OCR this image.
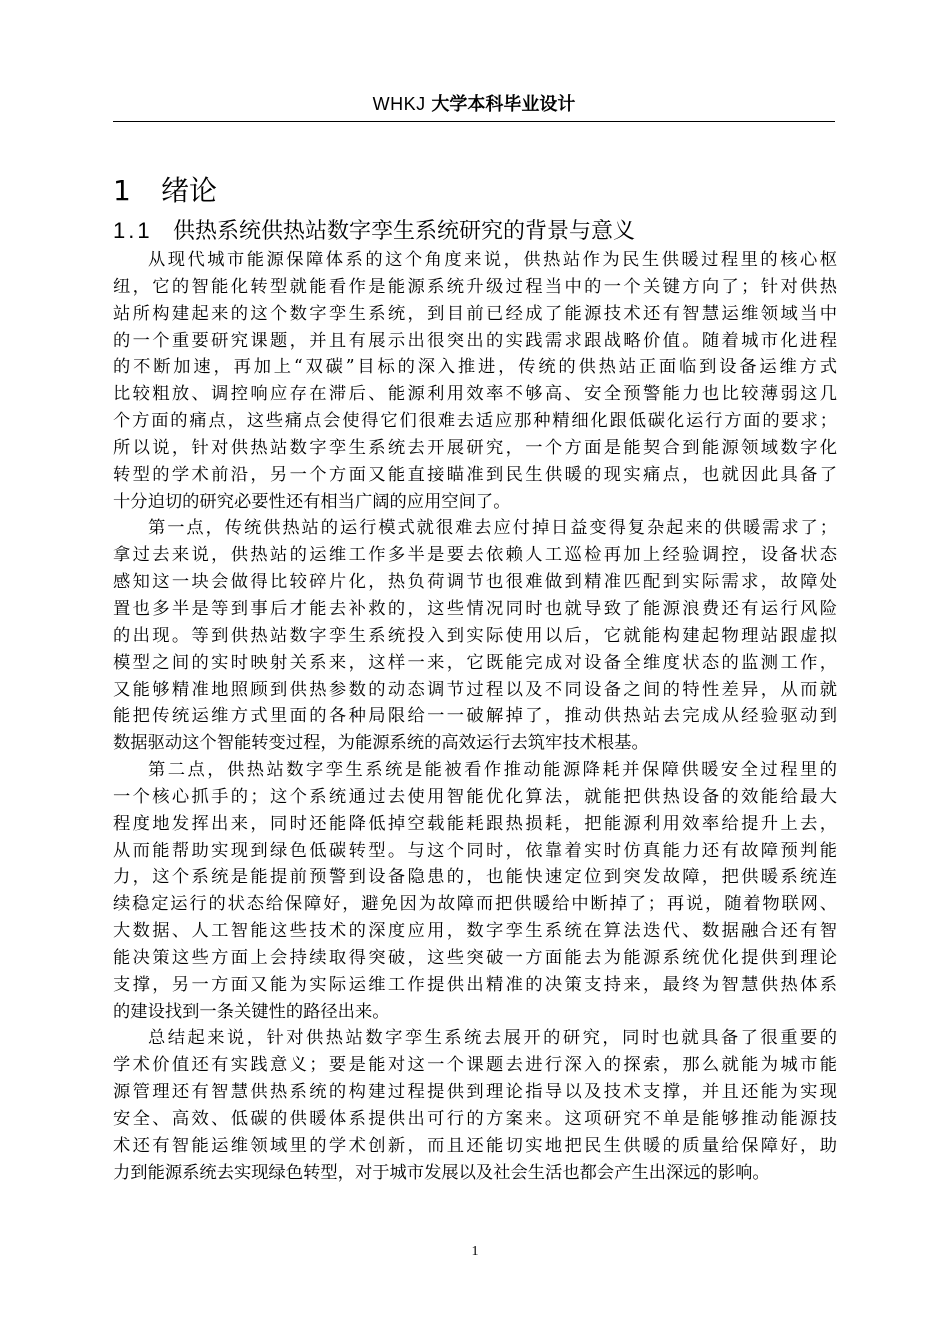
WHKJ 大学本科毕业设计
1 绪论
1.1 供热系统供热站数字孪生系统研究的背景与意义
从现代城市能源保障体系的这个角度来说，供热站作为民生供暖过程里的核心枢
纽，它的智能化转型就能看作是能源系统升级过程当中的一个关键方向了；针对供热
站所构建起来的这个数字孪生系统，到目前已经成了能源技术还有智慧运维领域当中
的一个重要研究课题，并且有展示出很突出的实践需求跟战略价值。随着城市化进程
的不断加速，再加上“双碳”目标的深入推进，传统的供热站正面临到设备运维方式
比较粗放、调控响应存在滞后、能源利用效率不够高、安全预警能力也比较薄弱这几
个方面的痛点，这些痛点会使得它们很难去适应那种精细化跟低碳化运行方面的要求；
所以说，针对供热站数字孪生系统去开展研究，一个方面是能契合到能源领域数字化
转型的学术前沿，另一个方面又能直接瞄准到民生供暖的现实痛点，也就因此具备了
十分迫切的研究必要性还有相当广阔的应用空间了。
第一点，传统供热站的运行模式就很难去应付掉日益变得复杂起来的供暖需求了；
拿过去来说，供热站的运维工作多半是要去依赖人工巡检再加上经验调控，设备状态
感知这一块会做得比较碎片化，热负荷调节也很难做到精准匹配到实际需求，故障处
置也多半是等到事后才能去补救的，这些情况同时也就导致了能源浪费还有运行风险
的出现。等到供热站数字孪生系统投入到实际使用以后，它就能构建起物理站跟虚拟
模型之间的实时映射关系来，这样一来，它既能完成对设备全维度状态的监测工作，
又能够精准地照顾到供热参数的动态调节过程以及不同设备之间的特性差异，从而就
能把传统运维方式里面的各种局限给一一破解掉了，推动供热站去完成从经验驱动到
数据驱动这个智能转变过程，为能源系统的高效运行去筑牢技术根基。
第二点，供热站数字孪生系统是能被看作推动能源降耗并保障供暖安全过程里的
一个核心抓手的；这个系统通过去使用智能优化算法，就能把供热设备的效能给最大
程度地发挥出来，同时还能降低掉空载能耗跟热损耗，把能源利用效率给提升上去，
从而能帮助实现到绿色低碳转型。与这个同时，依靠着实时仿真能力还有故障预判能
力，这个系统是能提前预警到设备隐患的，也能快速定位到突发故障，把供暖系统连
续稳定运行的状态给保障好，避免因为故障而把供暖给中断掉了；再说，随着物联网、
大数据、人工智能这些技术的深度应用，数字孪生系统在算法迭代、数据融合还有智
能决策这些方面上会持续取得突破，这些突破一方面能去为能源系统优化提供到理论
支撑，另一方面又能为实际运维工作提供出精准的决策支持来，最终为智慧供热体系
的建设找到一条关键性的路径出来。
总结起来说，针对供热站数字孪生系统去展开的研究，同时也就具备了很重要的
学术价值还有实践意义；要是能对这一个课题去进行深入的探索，那么就能为城市能
源管理还有智慧供热系统的构建过程提供到理论指导以及技术支撑，并且还能为实现
安全、高效、低碳的供暖体系提供出可行的方案来。这项研究不单是能够推动能源技
术还有智能运维领域里的学术创新，而且还能切实地把民生供暖的质量给保障好，助
力到能源系统去实现绿色转型，对于城市发展以及社会生活也都会产生出深远的影响。
1
